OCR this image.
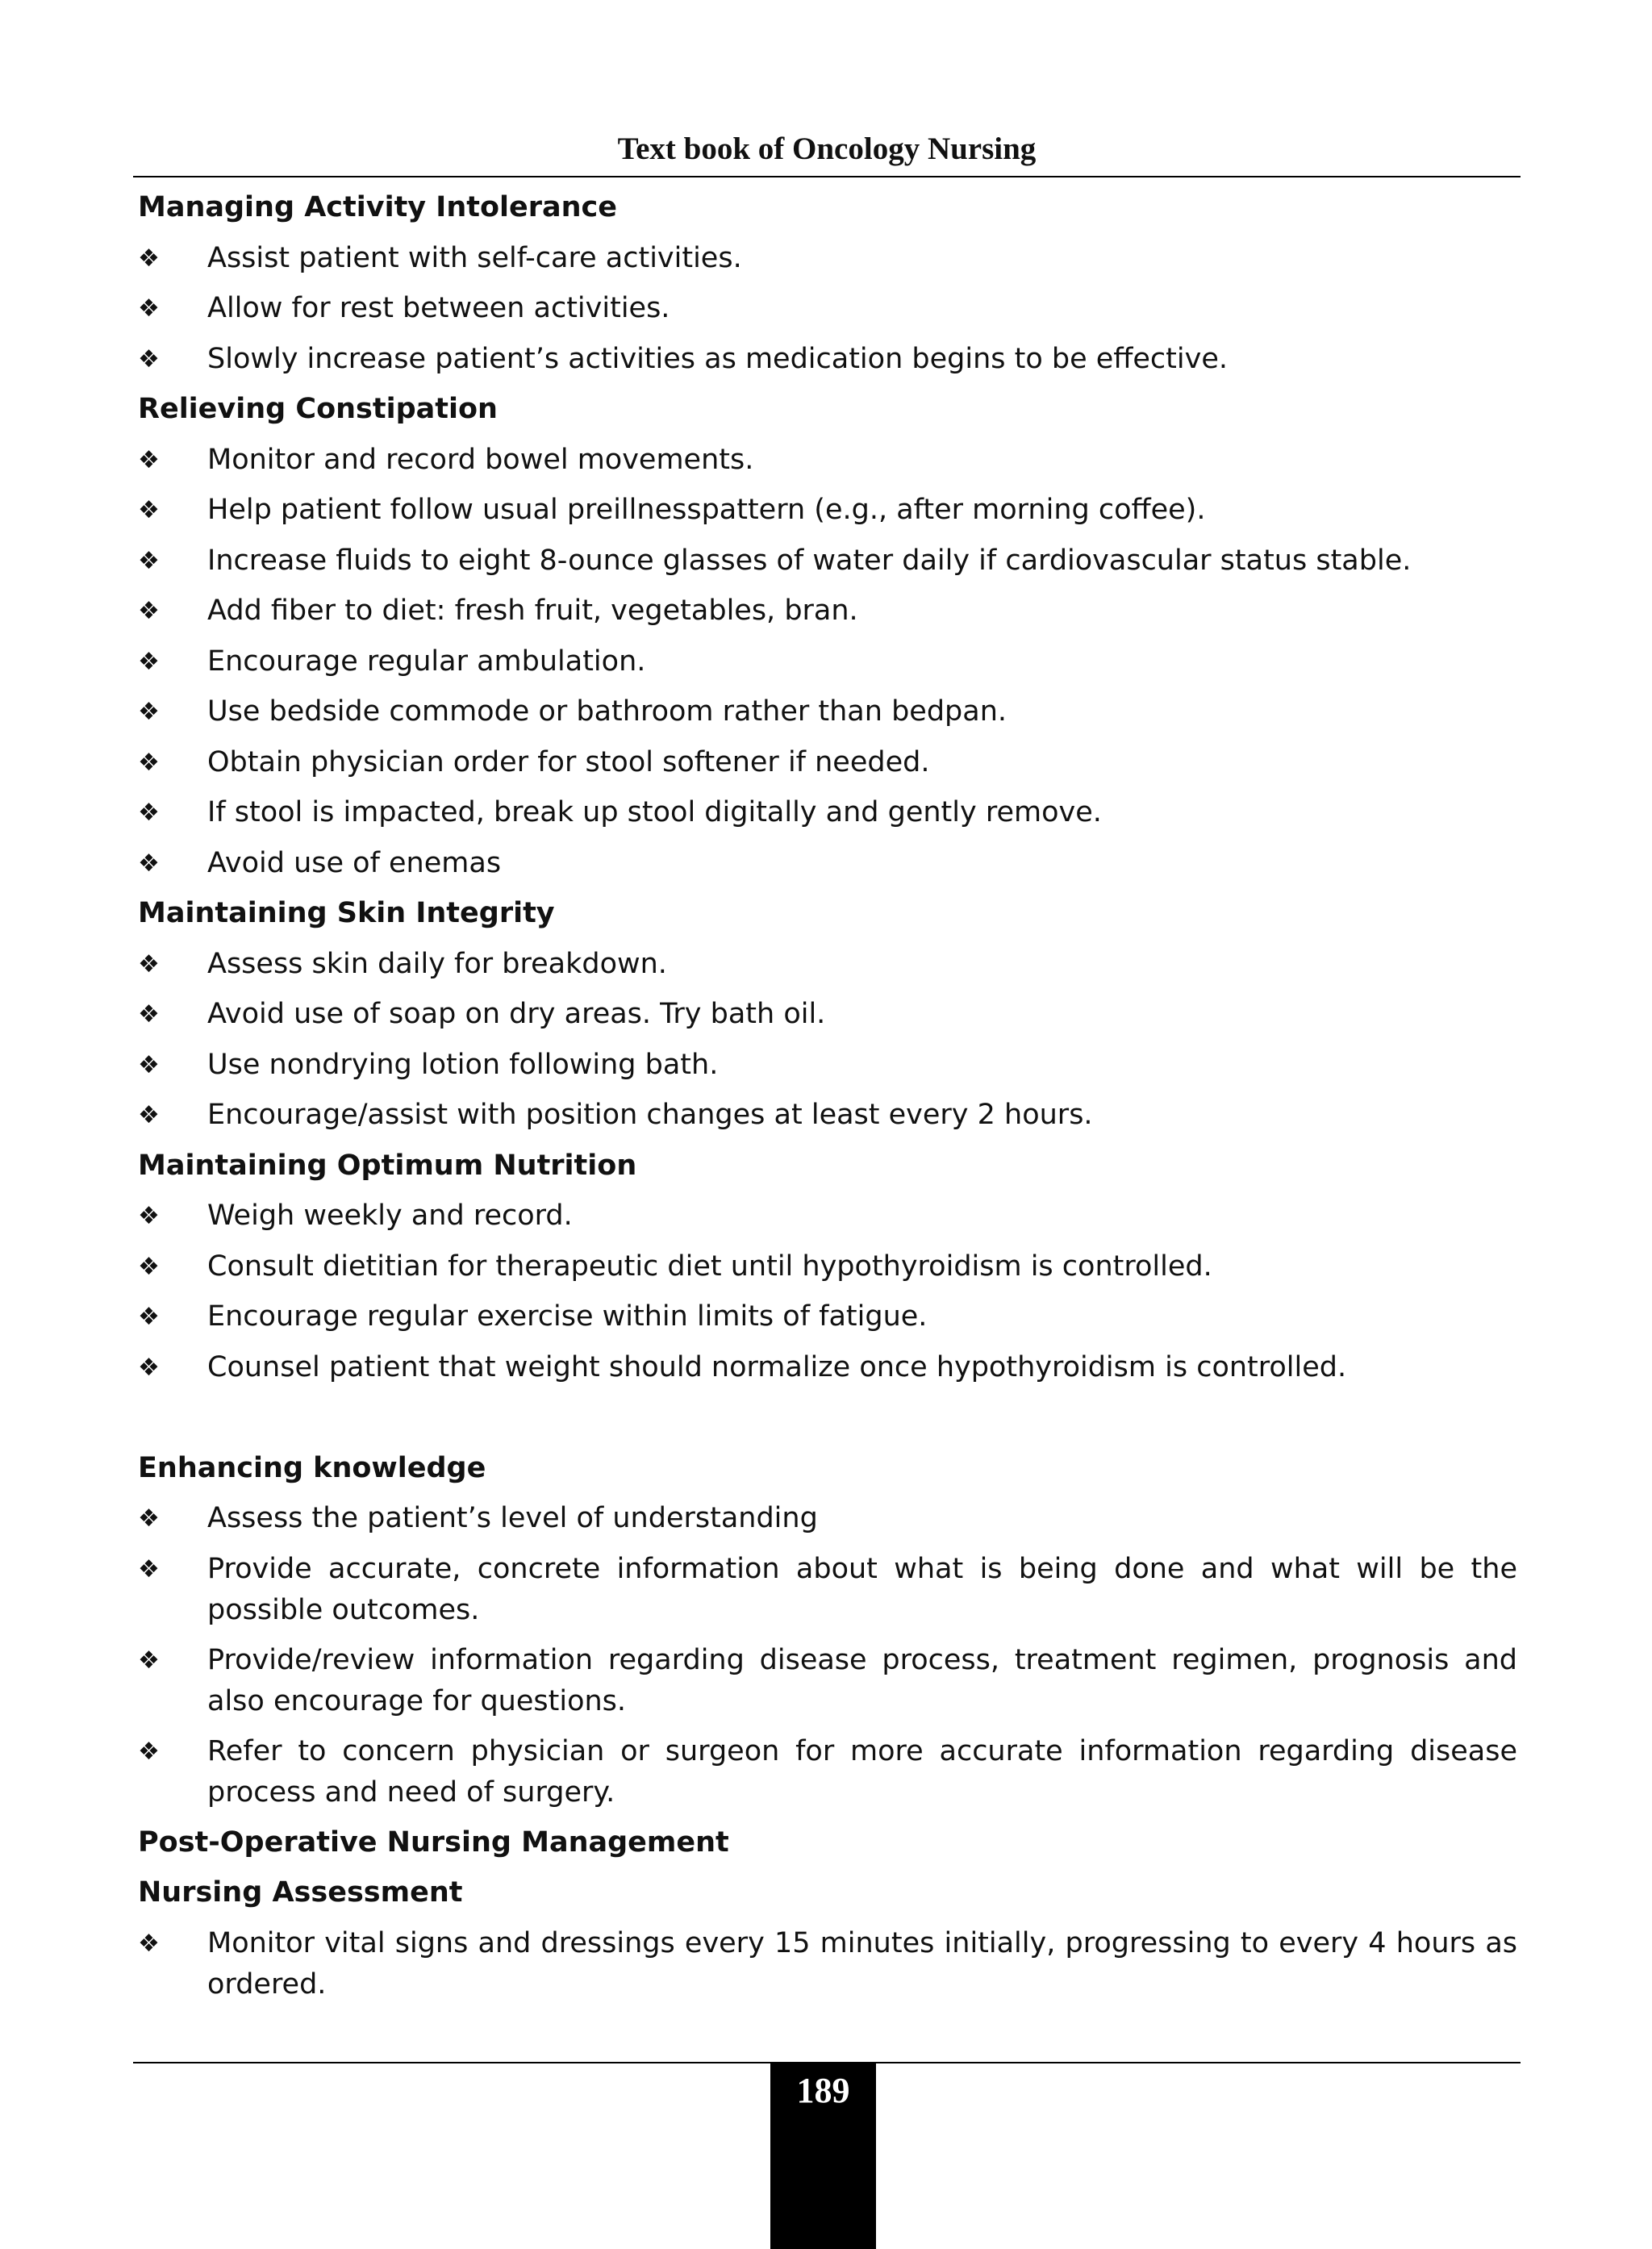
Text book of Oncology Nursing
Managing Activity Intolerance
❖	Assist patient with self-care activities.
❖	Allow for rest between activities.
❖	Slowly increase patient’s activities as medication begins to be effective.
Relieving Constipation
❖	Monitor and record bowel movements.
❖	Help patient follow usual preillnesspattern (e.g., after morning coffee).
❖	Increase fluids to eight 8-ounce glasses of water daily if cardiovascular status stable.
❖	Add fiber to diet: fresh fruit, vegetables, bran.
❖	Encourage regular ambulation.
❖	Use bedside commode or bathroom rather than bedpan.
❖	Obtain physician order for stool softener if needed.
❖	If stool is impacted, break up stool digitally and gently remove.
❖	Avoid use of enemas
Maintaining Skin Integrity
❖	Assess skin daily for breakdown.
❖	Avoid use of soap on dry areas. Try bath oil.
❖	Use nondrying lotion following bath.
❖	Encourage/assist with position changes at least every 2 hours.
Maintaining Optimum Nutrition
❖	Weigh weekly and record.
❖	Consult dietitian for therapeutic diet until hypothyroidism is controlled.
❖	Encourage regular exercise within limits of fatigue.
❖	Counsel patient that weight should normalize once hypothyroidism is controlled.
Enhancing knowledge
❖	Assess the patient’s level of understanding
❖	Provide accurate, concrete information about what is being done and what will be the possible outcomes.
❖	Provide/review information regarding disease process, treatment regimen, prognosis and also encourage for questions.
❖	Refer to concern physician or surgeon for more accurate information regarding disease process and need of surgery.
Post-Operative Nursing Management
Nursing Assessment
❖	Monitor vital signs and dressings every 15 minutes initially, progressing to every 4 hours as ordered.
189
